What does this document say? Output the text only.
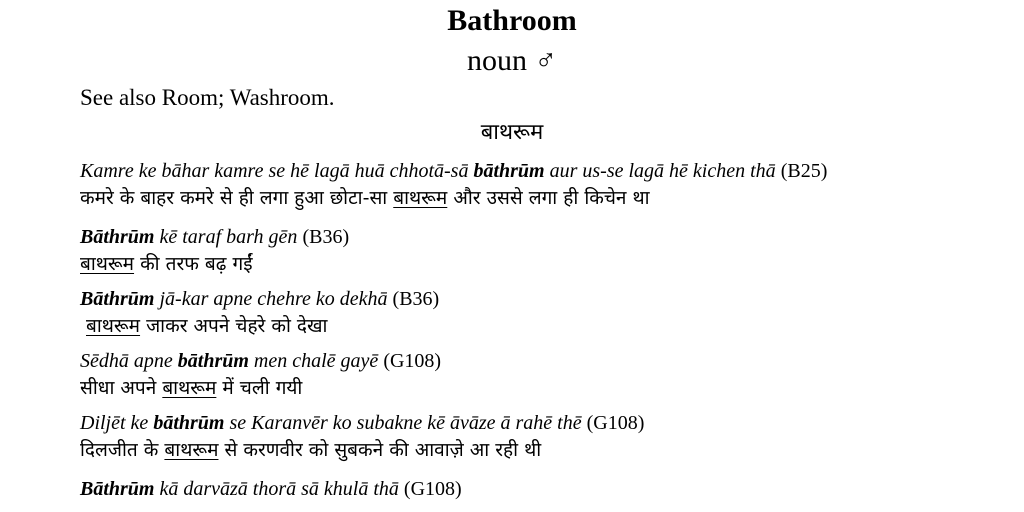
Bathroom
noun ♂
See also Room; Washroom.
बाथरूम
Kamre ke bāhar kamre se hē lagā huā chhotā-sā bāthrūm aur us-se lagā hē kichen thā (B25)
कमरे के बाहर कमरे से ही लगा हुआ छोटा-सा बाथरूम और उससे लगा ही किचेन था
Bāthrūm kē taraf barh gēn (B36)
बाथरूम की तरफ बढ़ गईं
Bāthrūm jā-kar apne chehre ko dekhā (B36)
बाथरूम जाकर अपने चेहरे को देखा
Sēdhā apne bāthrūm men chalē gayē (G108)
सीधा अपने बाथरूम में चली गयी
Diljēt ke bāthrūm se Karanvēr ko subakne kē āvāze ā rahē thē (G108)
दिलजीत के बाथरूम से करणवीर को सुबकने की आवाज़े आ रही थी
Bāthrūm kā darvāzā thorā sā khulā thā (G108)
